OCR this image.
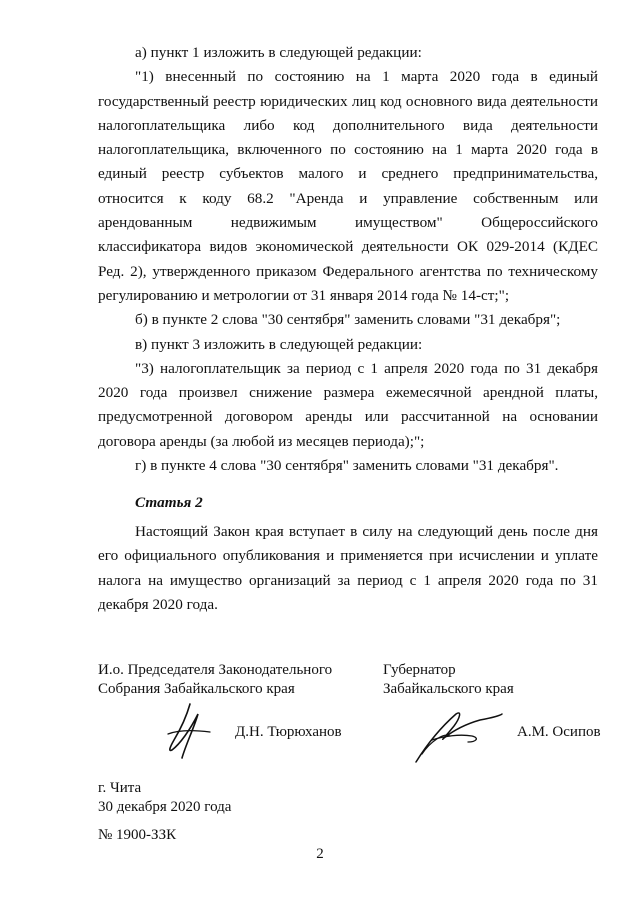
а) пункт 1 изложить в следующей редакции:

"1) внесенный по состоянию на 1 марта 2020 года в единый государственный реестр юридических лиц код основного вида деятельности налогоплательщика либо код дополнительного вида деятельности налогоплательщика, включенного по состоянию на 1 марта 2020 года в единый реестр субъектов малого и среднего предпринимательства, относится к коду 68.2 "Аренда и управление собственным или арендованным недвижимым имуществом" Общероссийского классификатора видов экономической деятельности ОК 029-2014 (КДЕС Ред. 2), утвержденного приказом Федерального агентства по техническому регулированию и метрологии от 31 января 2014 года № 14-ст;";

б) в пункте 2 слова "30 сентября" заменить словами "31 декабря";

в) пункт 3 изложить в следующей редакции:

"3) налогоплательщик за период с 1 апреля 2020 года по 31 декабря 2020 года произвел снижение размера ежемесячной арендной платы, предусмотренной договором аренды или рассчитанной на основании договора аренды (за любой из месяцев периода);";

г) в пункте 4 слова "30 сентября" заменить словами "31 декабря".

Статья 2

Настоящий Закон края вступает в силу на следующий день после дня его официального опубликования и применяется при исчислении и уплате налога на имущество организаций за период с 1 апреля 2020 года по 31 декабря 2020 года.

И.о. Председателя Законодательного
Собрания Забайкальского края
Д.Н. Тюрюханов
Губернатор
Забайкальского края
А.М. Осипов
г. Чита
30 декабря 2020 года
№ 1900-ЗЗК
2
